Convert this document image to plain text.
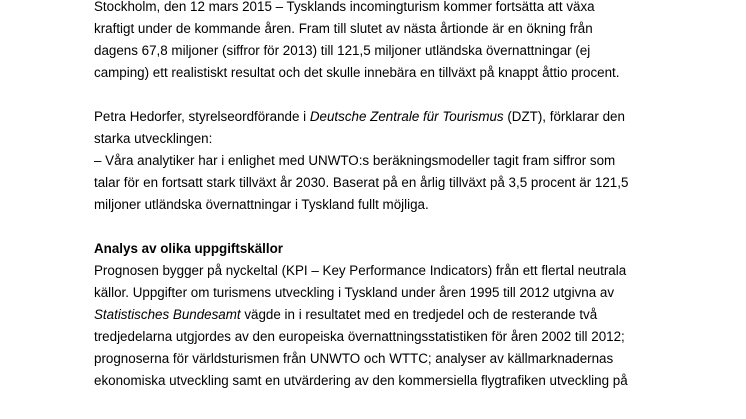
Stockholm, den 12 mars 2015 – Tysklands incomingturism kommer fortsätta att växa
kraftigt under de kommande åren. Fram till slutet av nästa årtionde är en ökning från
dagens 67,8 miljoner (siffror för 2013) till 121,5 miljoner utländska övernattningar (ej
camping) ett realistiskt resultat och det skulle innebära en tillväxt på knappt åttio procent.
Petra Hedorfer, styrelseordförande i Deutsche Zentrale für Tourismus (DZT), förklarar den
starka utvecklingen:
– Våra analytiker har i enlighet med UNWTO:s beräkningsmodeller tagit fram siffror som
talar för en fortsatt stark tillväxt år 2030. Baserat på en årlig tillväxt på 3,5 procent är 121,5
miljoner utländska övernattningar i Tyskland fullt möjliga.
Analys av olika uppgiftskällor
Prognosen bygger på nyckeltal (KPI – Key Performance Indicators) från ett flertal neutrala
källor. Uppgifter om turismens utveckling i Tyskland under åren 1995 till 2012 utgivna av
Statistisches Bundesamt vägde in i resultatet med en tredjedel och de resterande två
tredjedelarna utgjordes av den europeiska övernattningsstatistiken för åren 2002 till 2012;
prognoserna för världsturismen från UNWTO och WTTC; analyser av källmarknadernas
ekonomiska utveckling samt en utvärdering av den kommersiella flygtrafiken utveckling på
